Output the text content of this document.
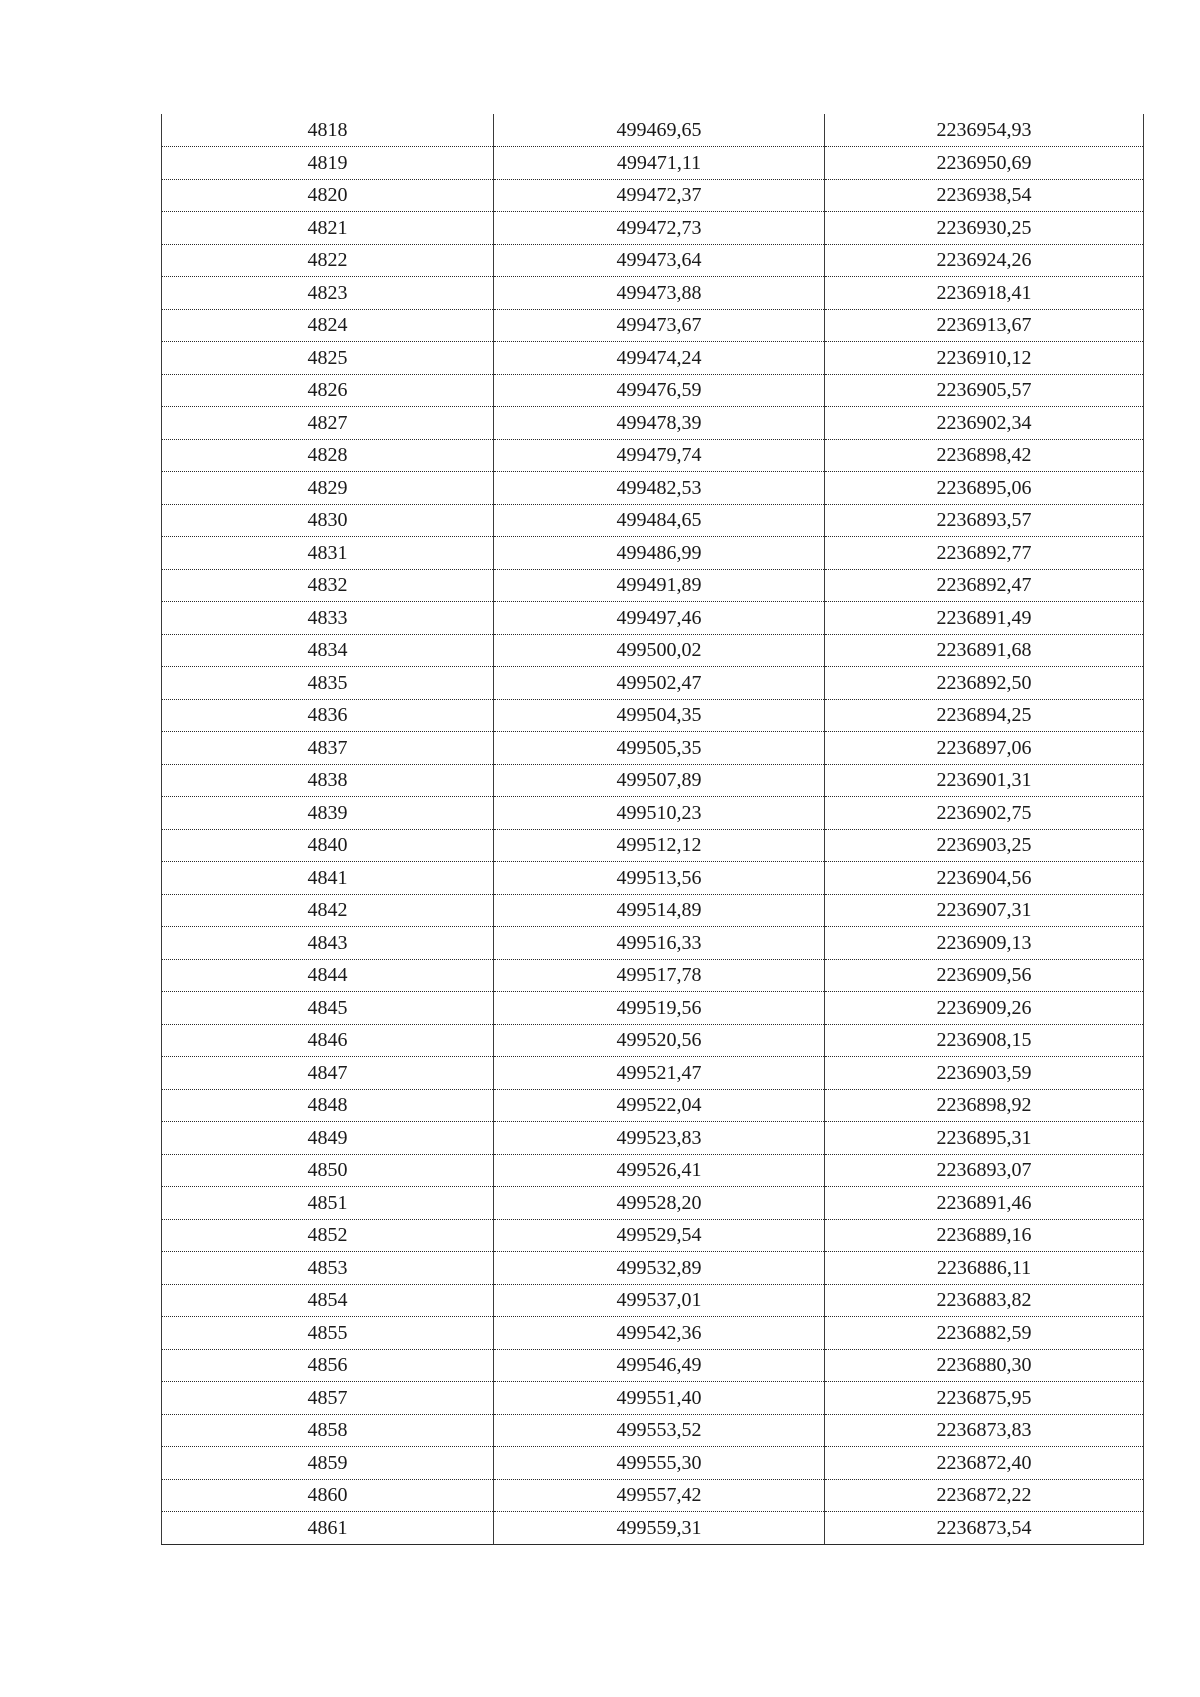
4818	499469,65	2236954,93
4819	499471,11	2236950,69
4820	499472,37	2236938,54
4821	499472,73	2236930,25
4822	499473,64	2236924,26
4823	499473,88	2236918,41
4824	499473,67	2236913,67
4825	499474,24	2236910,12
4826	499476,59	2236905,57
4827	499478,39	2236902,34
4828	499479,74	2236898,42
4829	499482,53	2236895,06
4830	499484,65	2236893,57
4831	499486,99	2236892,77
4832	499491,89	2236892,47
4833	499497,46	2236891,49
4834	499500,02	2236891,68
4835	499502,47	2236892,50
4836	499504,35	2236894,25
4837	499505,35	2236897,06
4838	499507,89	2236901,31
4839	499510,23	2236902,75
4840	499512,12	2236903,25
4841	499513,56	2236904,56
4842	499514,89	2236907,31
4843	499516,33	2236909,13
4844	499517,78	2236909,56
4845	499519,56	2236909,26
4846	499520,56	2236908,15
4847	499521,47	2236903,59
4848	499522,04	2236898,92
4849	499523,83	2236895,31
4850	499526,41	2236893,07
4851	499528,20	2236891,46
4852	499529,54	2236889,16
4853	499532,89	2236886,11
4854	499537,01	2236883,82
4855	499542,36	2236882,59
4856	499546,49	2236880,30
4857	499551,40	2236875,95
4858	499553,52	2236873,83
4859	499555,30	2236872,40
4860	499557,42	2236872,22
4861	499559,31	2236873,54
